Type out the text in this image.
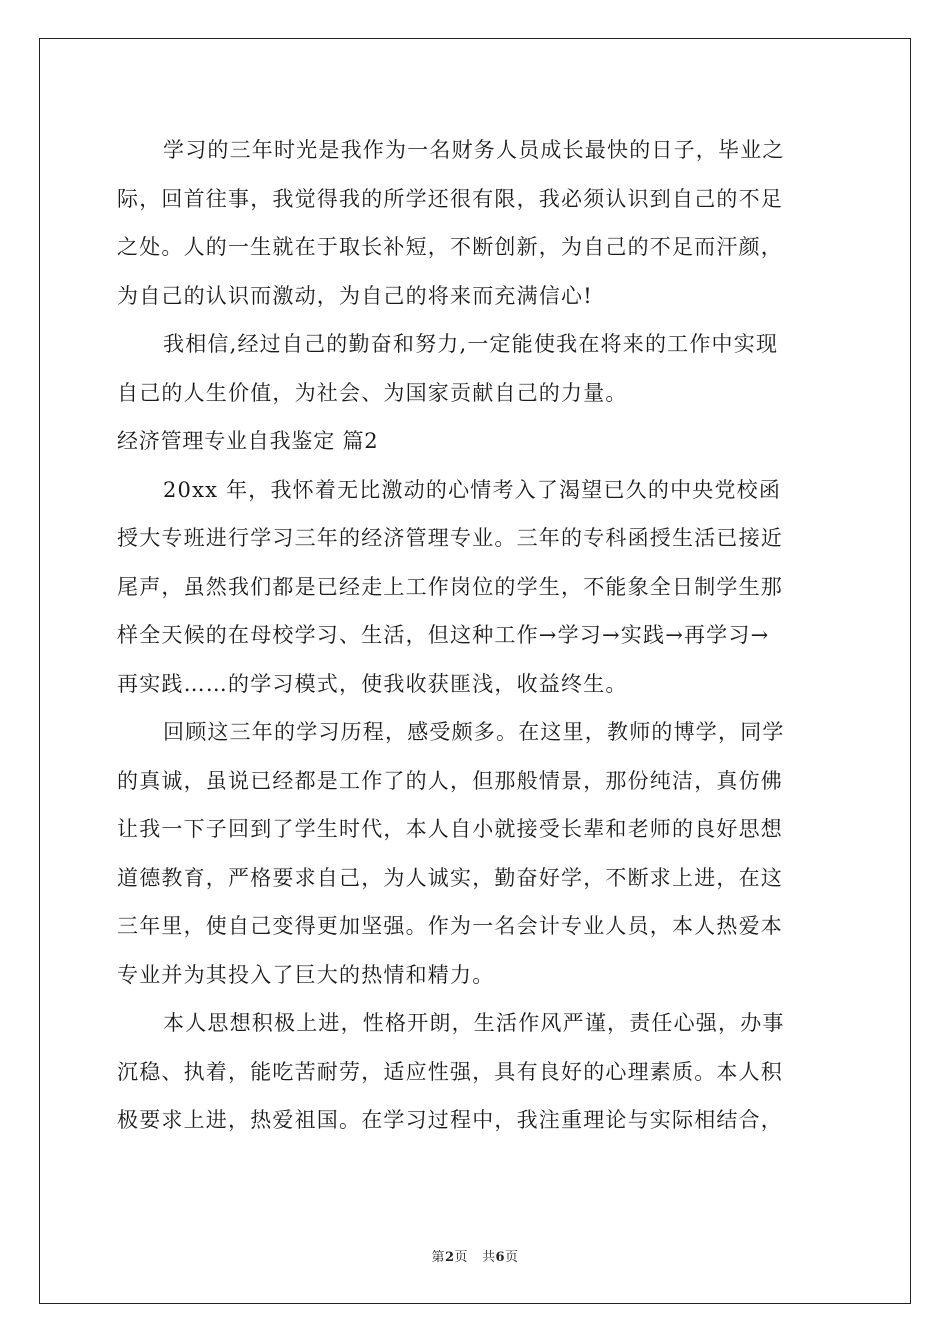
学习的三年时光是我作为一名财务人员成长最快的日子，毕业之
际，回首往事，我觉得我的所学还很有限，我必须认识到自己的不足
之处。人的一生就在于取长补短，不断创新，为自己的不足而汗颜，
为自己的认识而激动，为自己的将来而充满信心!
我相信,经过自己的勤奋和努力,一定能使我在将来的工作中实现
自己的人生价值，为社会、为国家贡献自己的力量。
经济管理专业自我鉴定 篇2
20xx 年，我怀着无比激动的心情考入了渴望已久的中央党校函
授大专班进行学习三年的经济管理专业。三年的专科函授生活已接近
尾声，虽然我们都是已经走上工作岗位的学生，不能象全日制学生那
样全天候的在母校学习、生活，但这种工作→学习→实践→再学习→
再实践……的学习模式，使我收获匪浅，收益终生。
回顾这三年的学习历程，感受颇多。在这里，教师的博学，同学
的真诚，虽说已经都是工作了的人，但那般情景，那份纯洁，真仿佛
让我一下子回到了学生时代，本人自小就接受长辈和老师的良好思想
道德教育，严格要求自己，为人诚实，勤奋好学，不断求上进，在这
三年里，使自己变得更加坚强。作为一名会计专业人员，本人热爱本
专业并为其投入了巨大的热情和精力。
本人思想积极上进，性格开朗，生活作风严谨，责任心强，办事
沉稳、执着，能吃苦耐劳，适应性强，具有良好的心理素质。本人积
极要求上进，热爱祖国。在学习过程中，我注重理论与实际相结合，
第2页 共6页
